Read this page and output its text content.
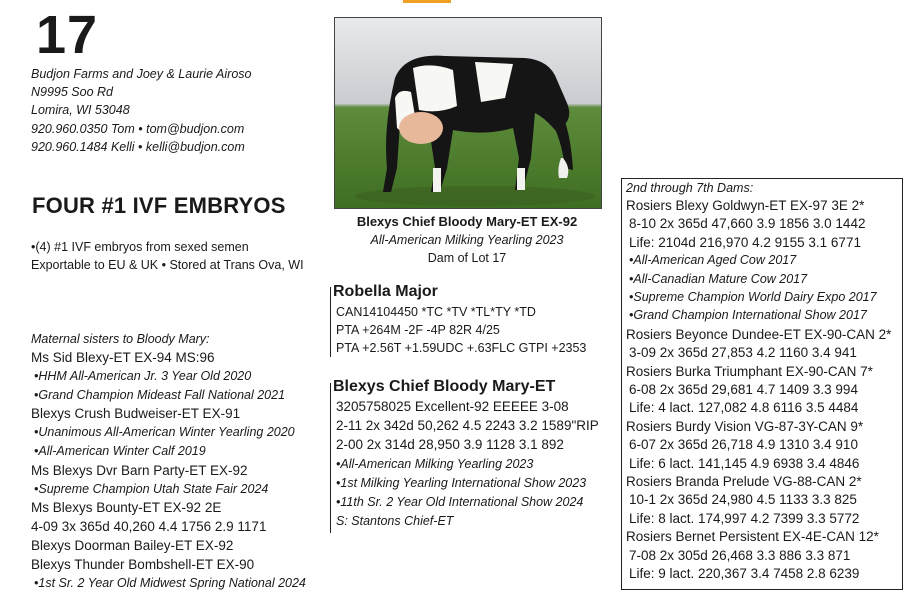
17
Budjon Farms and Joey & Laurie Airoso
N9995 Soo Rd
Lomira, WI 53048
920.960.0350 Tom • tom@budjon.com
920.960.1484 Kelli • kelli@budjon.com
FOUR #1 IVF EMBRYOS
•(4) #1 IVF embryos from sexed semen
Exportable to EU & UK • Stored at Trans Ova, WI
Maternal sisters to Bloody Mary:
Ms Sid Blexy-ET EX-94 MS:96
•HHM All-American Jr. 3 Year Old 2020
•Grand Champion Mideast Fall National 2021
Blexys Crush Budweiser-ET EX-91
•Unanimous All-American Winter Yearling 2020
•All-American Winter Calf 2019
Ms Blexys Dvr Barn Party-ET EX-92
•Supreme Champion Utah State Fair 2024
Ms Blexys Bounty-ET EX-92 2E
4-09 3x 365d 40,260 4.4 1756 2.9 1171
Blexys Doorman Bailey-ET EX-92
Blexys Thunder Bombshell-ET EX-90
•1st Sr. 2 Year Old Midwest Spring National 2024
Blexys Chief Bloody Mary-ET EX-92
All-American Milking Yearling 2023
Dam of Lot 17
Robella Major
CAN14104450 *TC *TV *TL*TY *TD
PTA +264M -2F -4P 82R 4/25
PTA +2.56T +1.59UDC +.63FLC GTPI +2353
Blexys Chief Bloody Mary-ET
3205758025 Excellent-92 EEEEE 3-08
2-11 2x 342d 50,262 4.5 2243 3.2 1589"RIP
2-00 2x 314d 28,950 3.9 1128 3.1 892
•All-American Milking Yearling 2023
•1st Milking Yearling International Show 2023
•11th Sr. 2 Year Old International Show 2024
S: Stantons Chief-ET
2nd through 7th Dams:
Rosiers Blexy Goldwyn-ET EX-97 3E 2*
8-10 2x 365d 47,660 3.9 1856 3.0 1442
Life: 2104d 216,970 4.2 9155 3.1 6771
•All-American Aged Cow 2017
•All-Canadian Mature Cow 2017
•Supreme Champion World Dairy Expo 2017
•Grand Champion International Show 2017
Rosiers Beyonce Dundee-ET EX-90-CAN 2*
3-09 2x 365d 27,853 4.2 1160 3.4 941
Rosiers Burka Triumphant EX-90-CAN 7*
6-08 2x 365d 29,681 4.7 1409 3.3 994
Life: 4 lact. 127,082 4.8 6116 3.5 4484
Rosiers Burdy Vision VG-87-3Y-CAN 9*
6-07 2x 365d 26,718 4.9 1310 3.4 910
Life: 6 lact. 141,145 4.9 6938 3.4 4846
Rosiers Branda Prelude VG-88-CAN 2*
10-1 2x 365d 24,980 4.5 1133 3.3 825
Life: 8 lact. 174,997 4.2 7399 3.3 5772
Rosiers Bernet Persistent EX-4E-CAN 12*
7-08 2x 305d 26,468 3.3 886 3.3 871
Life: 9 lact. 220,367 3.4 7458 2.8 6239
